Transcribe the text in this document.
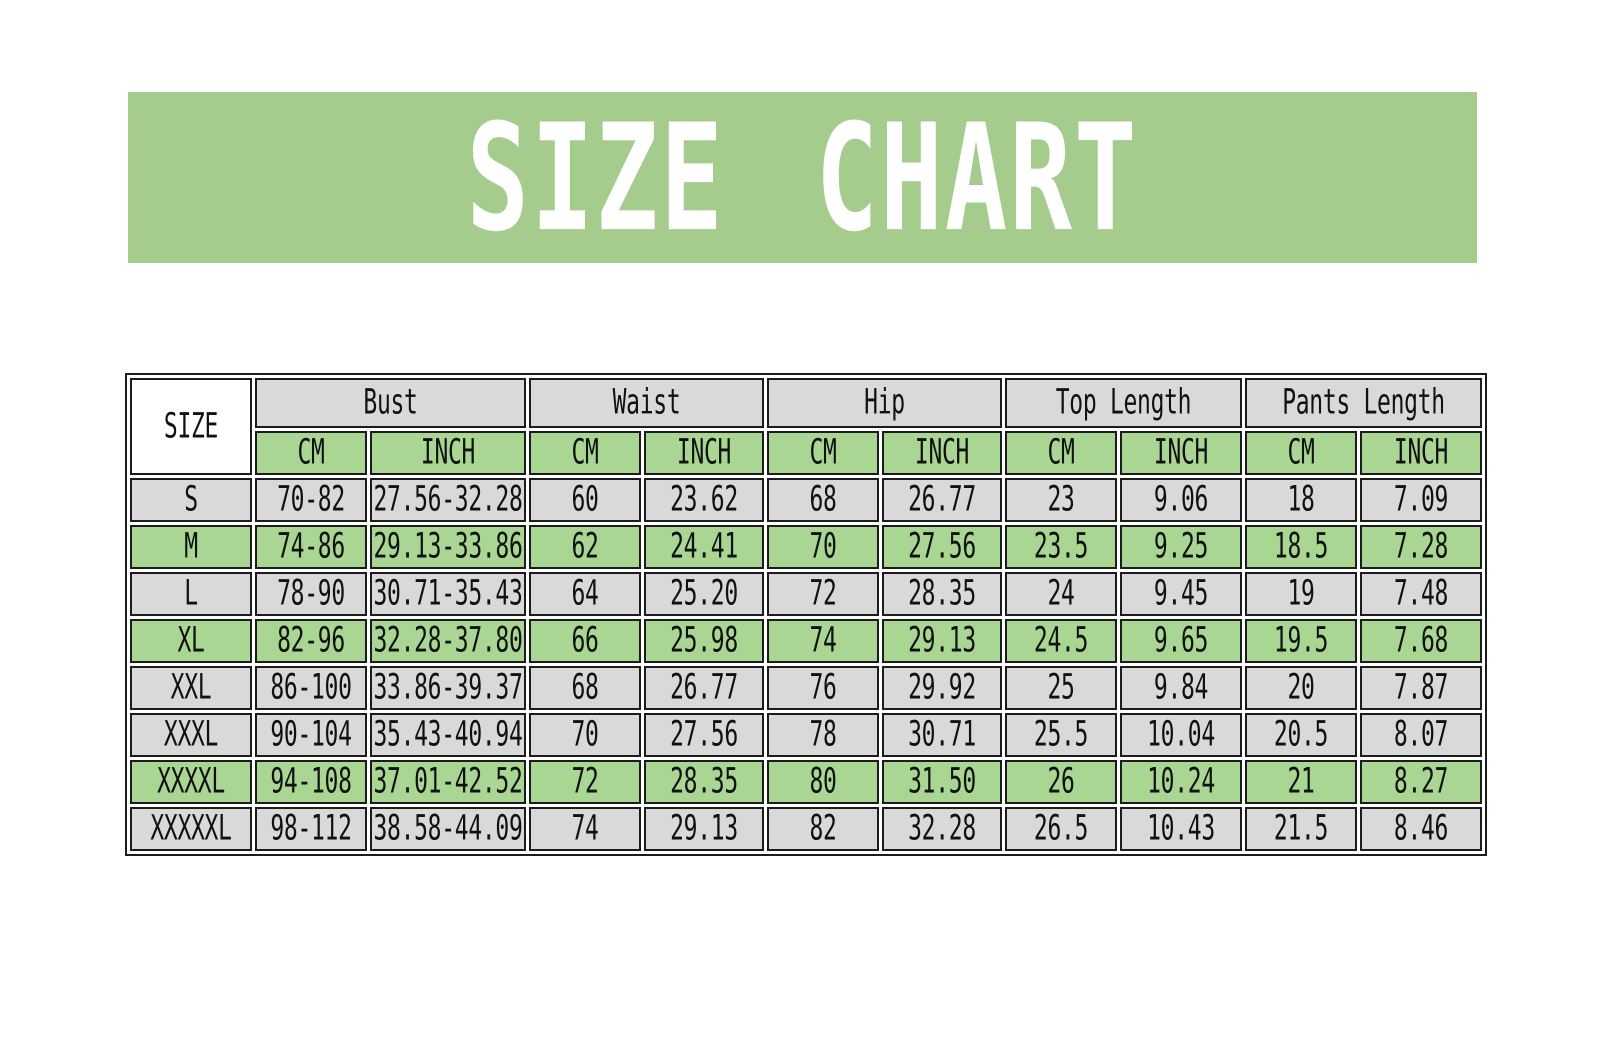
SIZE CHART
SIZE	Bust		Waist		Hip		Top Length		Pants Length	
	CM	INCH	CM	INCH	CM	INCH	CM	INCH	CM	INCH
S	70-82	27.56-32.28	60	23.62	68	26.77	23	9.06	18	7.09
M	74-86	29.13-33.86	62	24.41	70	27.56	23.5	9.25	18.5	7.28
L	78-90	30.71-35.43	64	25.20	72	28.35	24	9.45	19	7.48
XL	82-96	32.28-37.80	66	25.98	74	29.13	24.5	9.65	19.5	7.68
XXL	86-100	33.86-39.37	68	26.77	76	29.92	25	9.84	20	7.87
XXXL	90-104	35.43-40.94	70	27.56	78	30.71	25.5	10.04	20.5	8.07
XXXXL	94-108	37.01-42.52	72	28.35	80	31.50	26	10.24	21	8.27
XXXXXL	98-112	38.58-44.09	74	29.13	82	32.28	26.5	10.43	21.5	8.46
